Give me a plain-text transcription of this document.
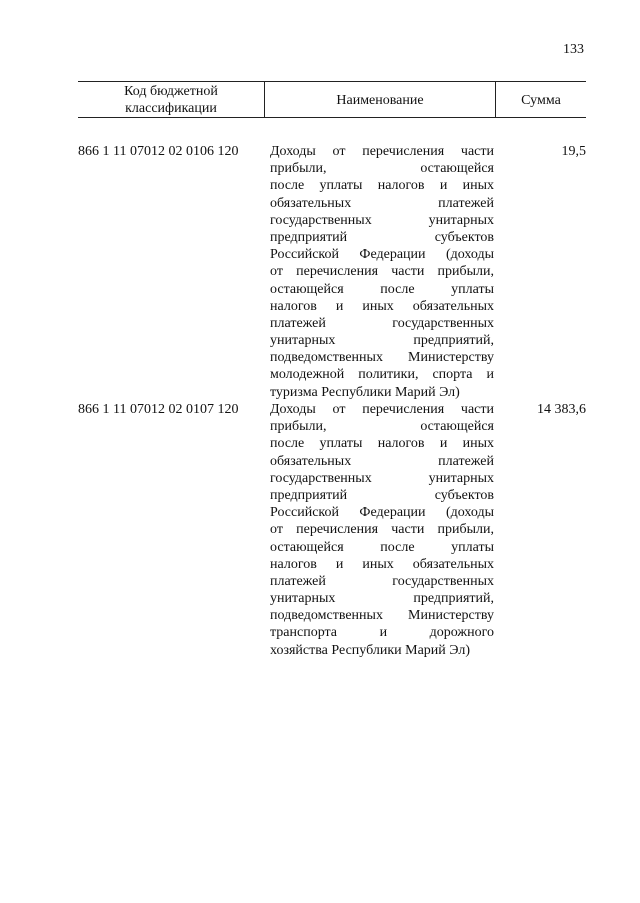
133
Код бюджетной классификации
Наименование	Сумма
866 1 11 07012 02 0106 120 Доходы от перечисления части
прибыли, остающейся
после уплаты налогов и иных
обязательных платежей
государственных унитарных
предприятий субъектов
Российской Федерации (доходы
от перечисления части прибыли,
остающейся после уплаты
налогов и иных обязательных
платежей государственных
унитарных предприятий,
подведомственных Министерству
молодежной политики, спорта и
туризма Республики Марий Эл)
19,5
866 1 11 07012 02 0107 120 Доходы от перечисления части
прибыли, остающейся
после уплаты налогов и иных
обязательных платежей
государственных унитарных
предприятий субъектов
Российской Федерации (доходы
от перечисления части прибыли,
остающейся после уплаты
налогов и иных обязательных
платежей государственных
унитарных предприятий,
подведомственных Министерству
транспорта и дорожного
хозяйства Республики Марий Эл)
14 383,6
